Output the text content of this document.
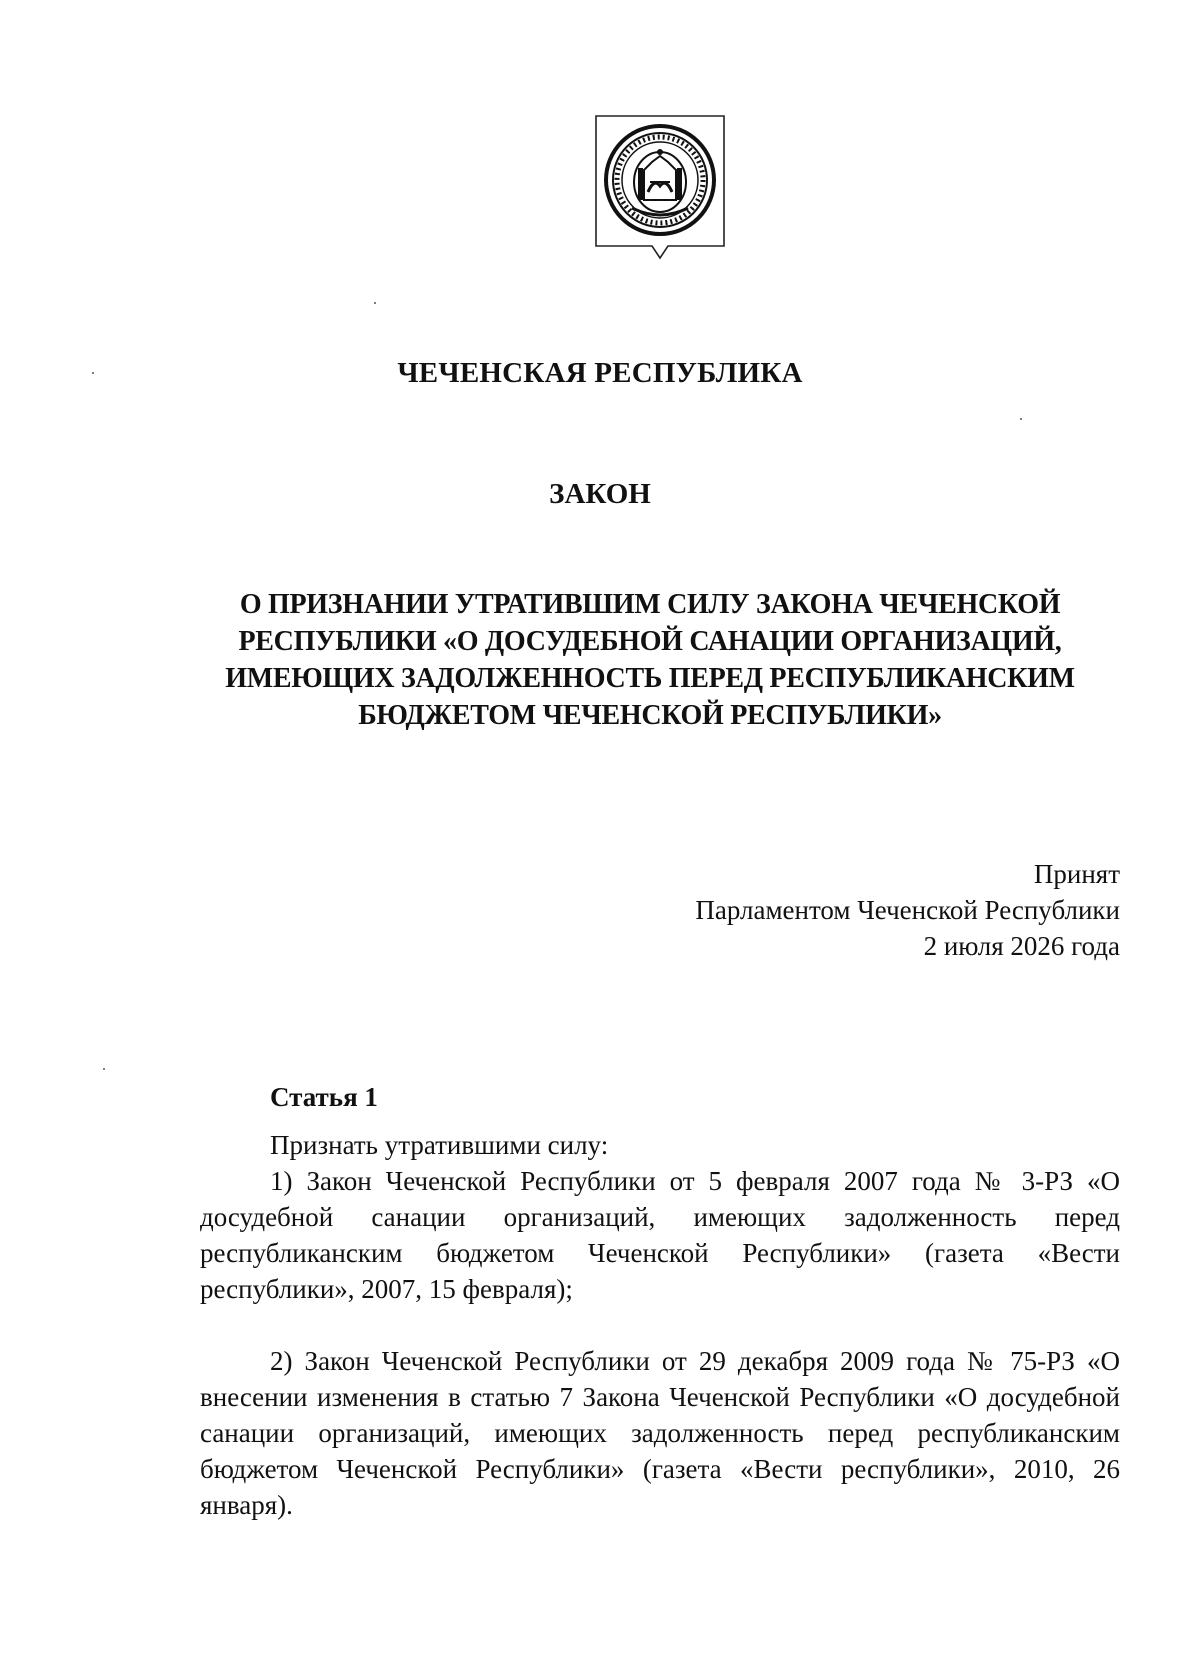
ЧЕЧЕНСКАЯ РЕСПУБЛИКА
ЗАКОН
О ПРИЗНАНИИ УТРАТИВШИМ СИЛУ ЗАКОНА ЧЕЧЕНСКОЙ
РЕСПУБЛИКИ «О ДОСУДЕБНОЙ САНАЦИИ ОРГАНИЗАЦИЙ,
ИМЕЮЩИХ ЗАДОЛЖЕННОСТЬ ПЕРЕД РЕСПУБЛИКАНСКИМ
БЮДЖЕТОМ ЧЕЧЕНСКОЙ РЕСПУБЛИКИ»
Принят
Парламентом Чеченской Республики
2 июля 2026 года
Статья 1
Признать утратившими силу:
1) Закон Чеченской Республики от 5 февраля 2007 года № 3-РЗ «О досудебной санации организаций, имеющих задолженность перед республиканским бюджетом Чеченской Республики» (газета «Вести республики», 2007, 15 февраля);
2) Закон Чеченской Республики от 29 декабря 2009 года № 75-РЗ «О внесении изменения в статью 7 Закона Чеченской Республики «О досудебной санации организаций, имеющих задолженность перед республиканским бюджетом Чеченской Республики» (газета «Вести республики», 2010, 26 января).
